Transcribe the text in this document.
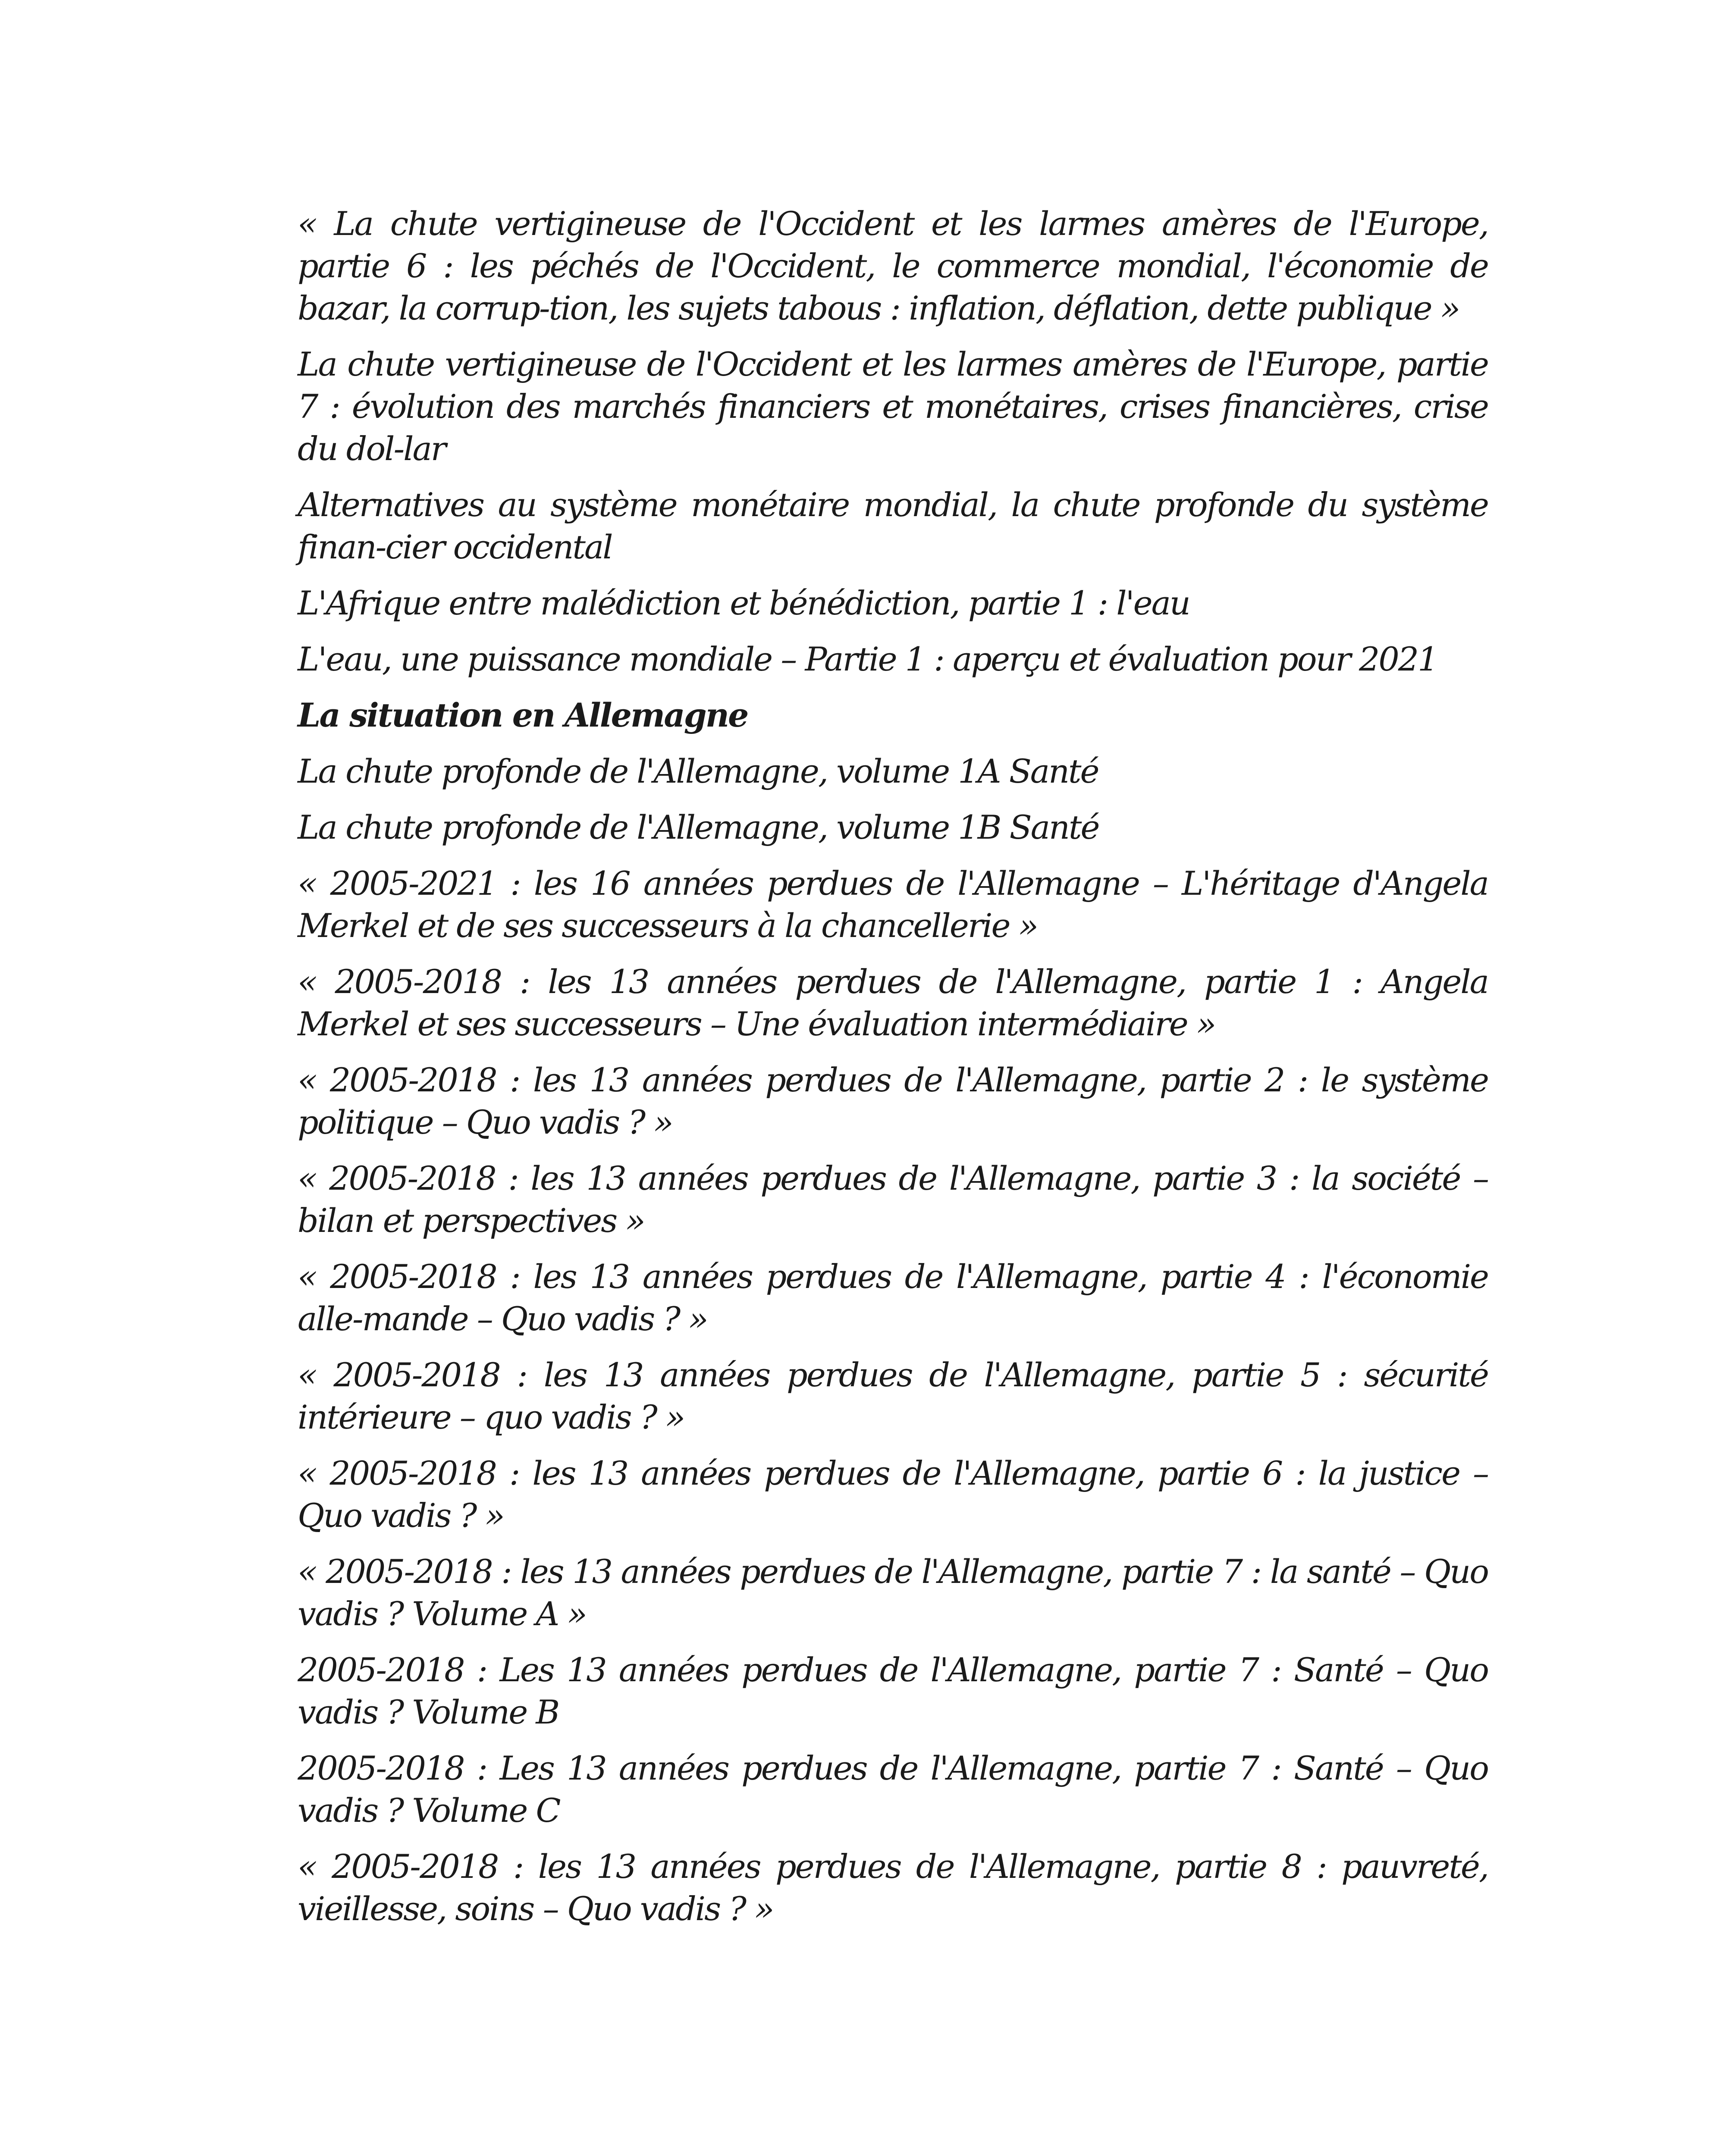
« La chute vertigineuse de l'Occident et les larmes amères de l'Europe, partie 6 : les péchés de l'Occident, le commerce mondial, l'économie de bazar, la corrup-tion, les sujets tabous : inflation, déflation, dette publique »

La chute vertigineuse de l'Occident et les larmes amères de l'Europe, partie 7 : évolution des marchés financiers et monétaires, crises financières, crise du dol-lar

Alternatives au système monétaire mondial, la chute profonde du système finan-cier occidental

L'Afrique entre malédiction et bénédiction, partie 1 : l'eau

L'eau, une puissance mondiale – Partie 1 : aperçu et évaluation pour 2021

La situation en Allemagne

La chute profonde de l'Allemagne, volume 1A Santé

La chute profonde de l'Allemagne, volume 1B Santé

« 2005-2021 : les 16 années perdues de l'Allemagne – L'héritage d'Angela Merkel et de ses successeurs à la chancellerie »

« 2005-2018 : les 13 années perdues de l'Allemagne, partie 1 : Angela Merkel et ses successeurs – Une évaluation intermédiaire »

« 2005-2018 : les 13 années perdues de l'Allemagne, partie 2 : le système politique – Quo vadis ? »

« 2005-2018 : les 13 années perdues de l'Allemagne, partie 3 : la société – bilan et perspectives »

« 2005-2018 : les 13 années perdues de l'Allemagne, partie 4 : l'économie alle-mande – Quo vadis ? »

« 2005-2018 : les 13 années perdues de l'Allemagne, partie 5 : sécurité intérieure – quo vadis ? »

« 2005-2018 : les 13 années perdues de l'Allemagne, partie 6 : la justice – Quo vadis ? »

« 2005-2018 : les 13 années perdues de l'Allemagne, partie 7 : la santé – Quo vadis ? Volume A »

2005-2018 : Les 13 années perdues de l'Allemagne, partie 7 : Santé – Quo vadis ? Volume B

2005-2018 : Les 13 années perdues de l'Allemagne, partie 7 : Santé – Quo vadis ? Volume C

« 2005-2018 : les 13 années perdues de l'Allemagne, partie 8 : pauvreté, vieillesse, soins – Quo vadis ? »
